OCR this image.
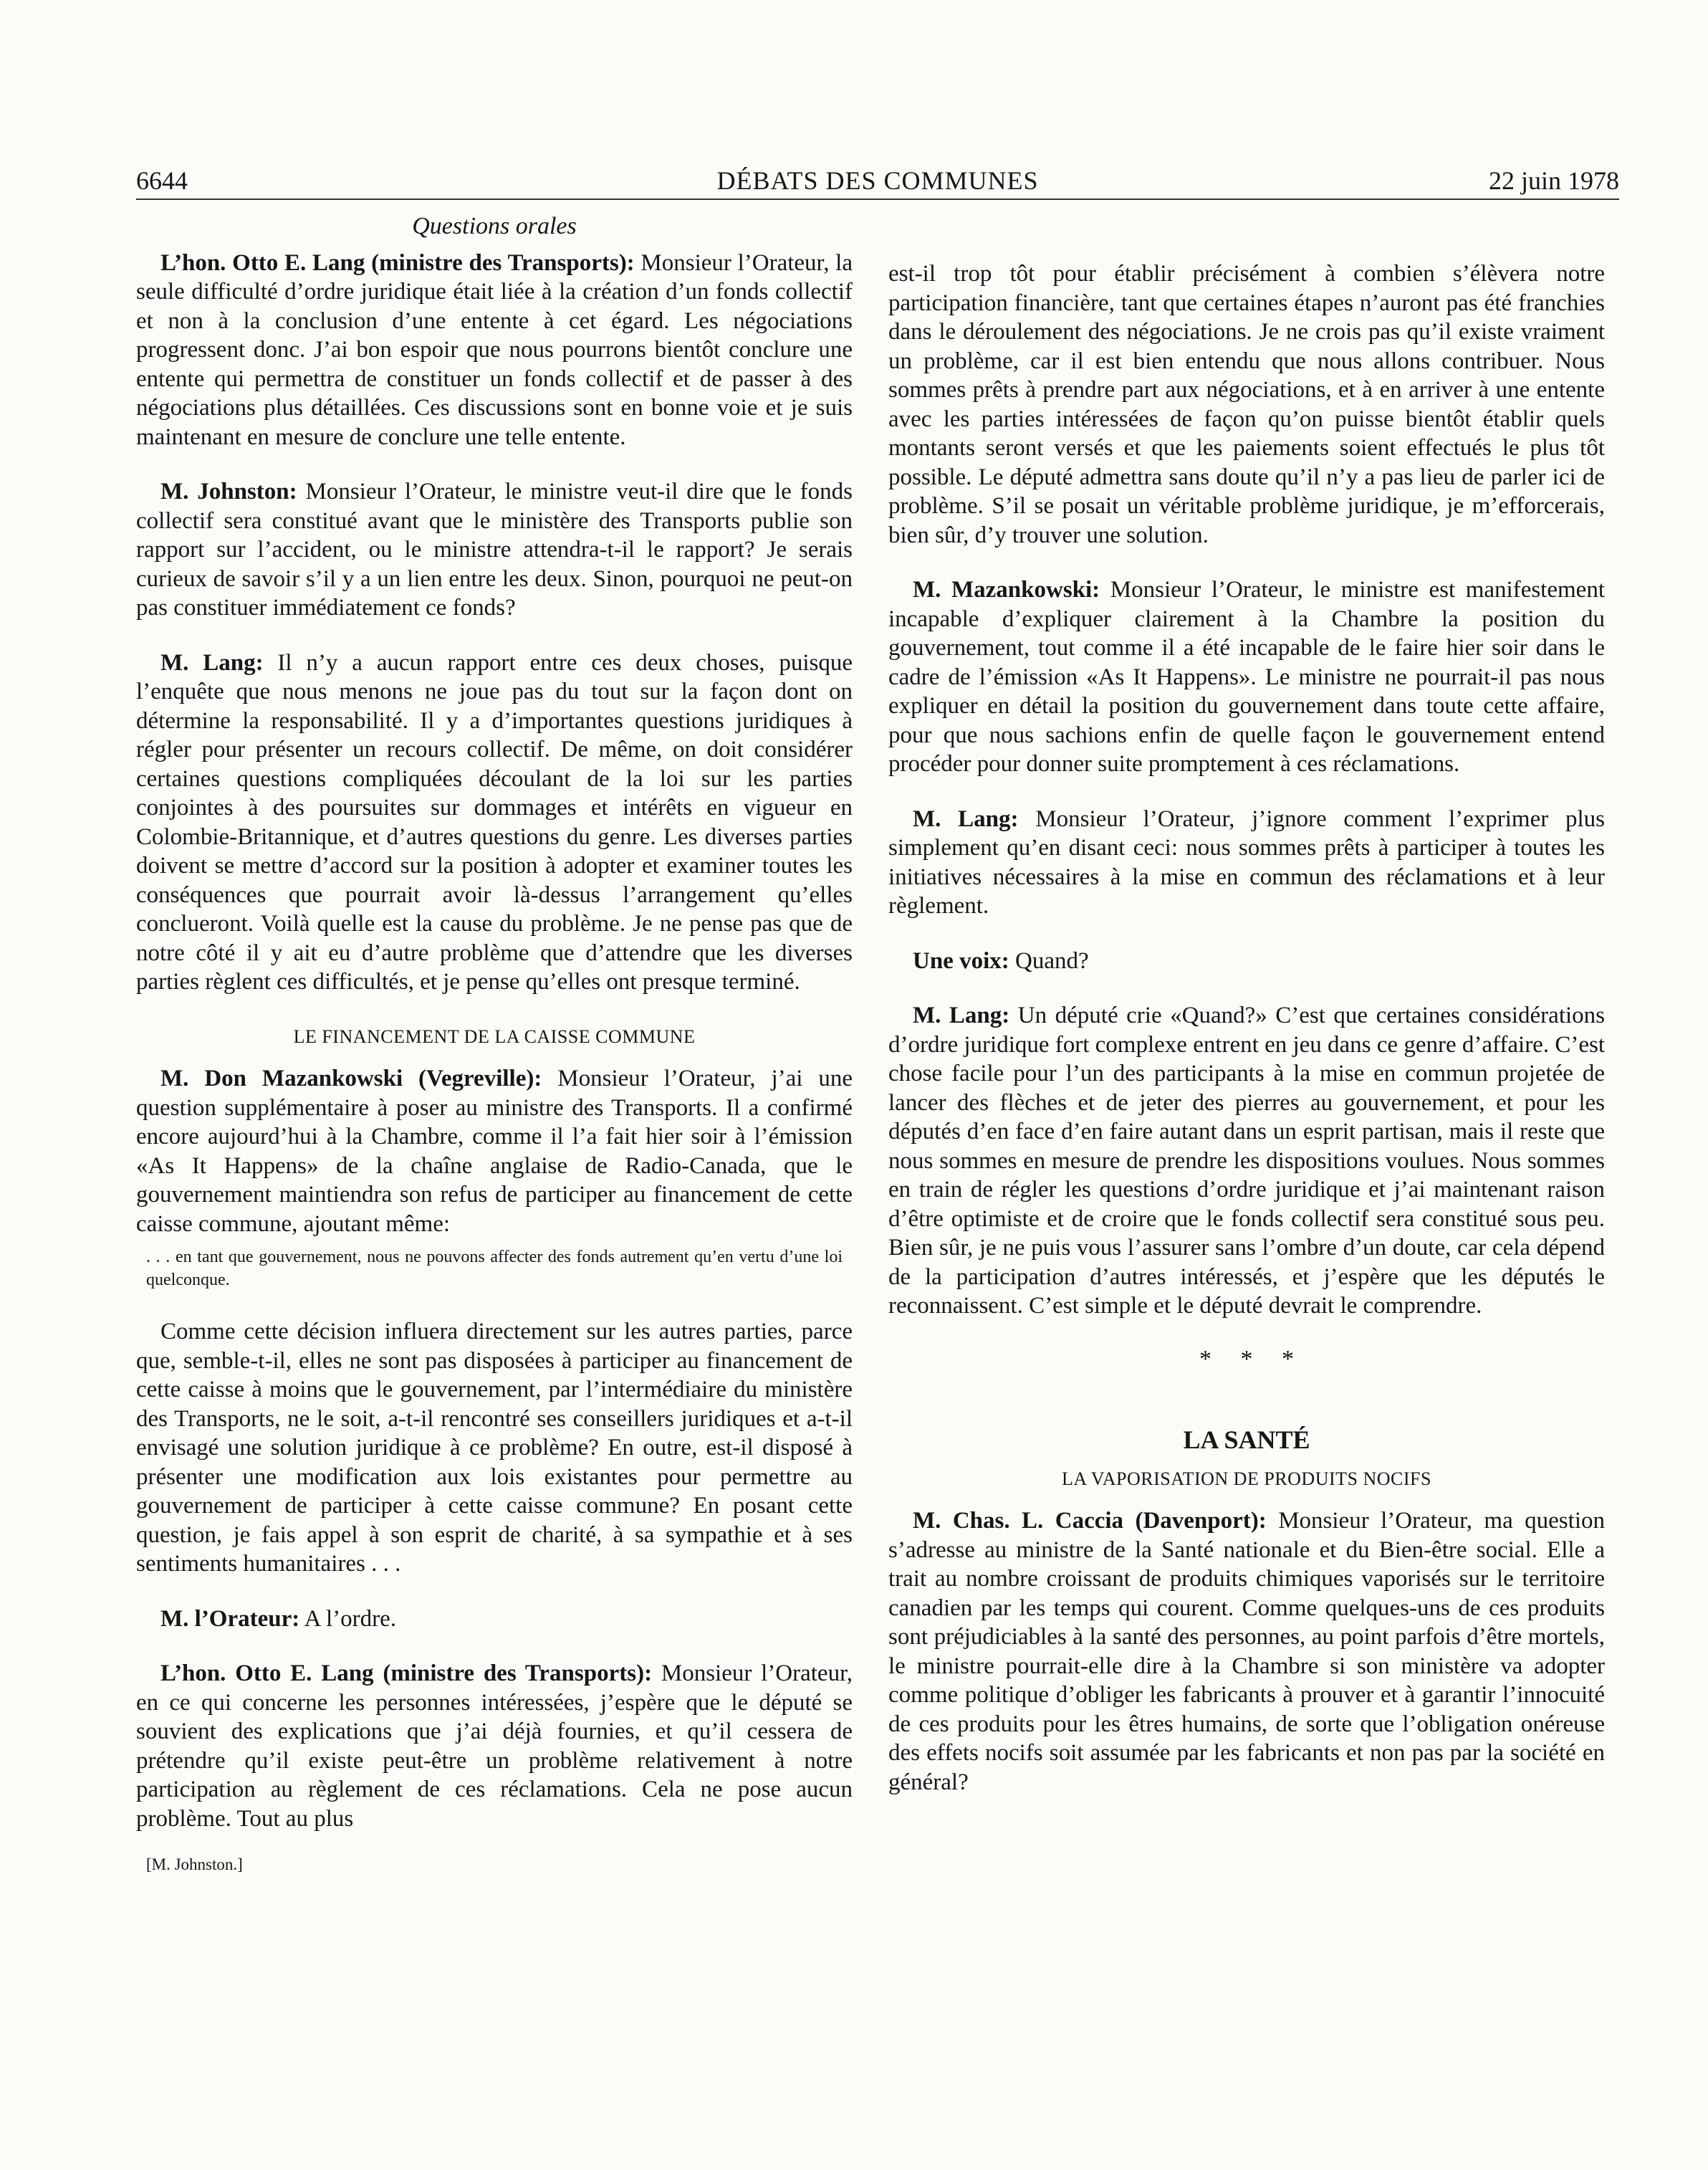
6644	DÉBATS DES COMMUNES	22 juin 1978
Questions orales

L’hon. Otto E. Lang (ministre des Transports): Monsieur l’Orateur, la seule difficulté d’ordre juridique était liée à la création d’un fonds collectif et non à la conclusion d’une entente à cet égard. Les négociations progressent donc. J’ai bon espoir que nous pourrons bientôt conclure une entente qui permettra de constituer un fonds collectif et de passer à des négociations plus détaillées. Ces discussions sont en bonne voie et je suis maintenant en mesure de conclure une telle entente.

M. Johnston: Monsieur l’Orateur, le ministre veut-il dire que le fonds collectif sera constitué avant que le ministère des Transports publie son rapport sur l’accident, ou le ministre attendra-t-il le rapport? Je serais curieux de savoir s’il y a un lien entre les deux. Sinon, pourquoi ne peut-on pas constituer immédiatement ce fonds?

M. Lang: Il n’y a aucun rapport entre ces deux choses, puisque l’enquête que nous menons ne joue pas du tout sur la façon dont on détermine la responsabilité. Il y a d’importantes questions juridiques à régler pour présenter un recours collectif. De même, on doit considérer certaines questions compliquées découlant de la loi sur les parties conjointes à des poursuites sur dommages et intérêts en vigueur en Colombie-Britannique, et d’autres questions du genre. Les diverses parties doivent se mettre d’accord sur la position à adopter et examiner toutes les conséquences que pourrait avoir là-dessus l’arrangement qu’elles conclueront. Voilà quelle est la cause du problème. Je ne pense pas que de notre côté il y ait eu d’autre problème que d’attendre que les diverses parties règlent ces difficultés, et je pense qu’elles ont presque terminé.

LE FINANCEMENT DE LA CAISSE COMMUNE

M. Don Mazankowski (Vegreville): Monsieur l’Orateur, j’ai une question supplémentaire à poser au ministre des Transports. Il a confirmé encore aujourd’hui à la Chambre, comme il l’a fait hier soir à l’émission «As It Happens» de la chaîne anglaise de Radio-Canada, que le gouvernement maintiendra son refus de participer au financement de cette caisse commune, ajoutant même:

. . . en tant que gouvernement, nous ne pouvons affecter des fonds autrement qu’en vertu d’une loi quelconque.

Comme cette décision influera directement sur les autres parties, parce que, semble-t-il, elles ne sont pas disposées à participer au financement de cette caisse à moins que le gouvernement, par l’intermédiaire du ministère des Transports, ne le soit, a-t-il rencontré ses conseillers juridiques et a-t-il envisagé une solution juridique à ce problème? En outre, est-il disposé à présenter une modification aux lois existantes pour permettre au gouvernement de participer à cette caisse commune? En posant cette question, je fais appel à son esprit de charité, à sa sympathie et à ses sentiments humanitaires . . .

M. l’Orateur: A l’ordre.

L’hon. Otto E. Lang (ministre des Transports): Monsieur l’Orateur, en ce qui concerne les personnes intéressées, j’espère que le député se souvient des explications que j’ai déjà fournies, et qu’il cessera de prétendre qu’il existe peut-être un problème relativement à notre participation au règlement de ces réclamations. Cela ne pose aucun problème. Tout au plus

[M. Johnston.]

est-il trop tôt pour établir précisément à combien s’élèvera notre participation financière, tant que certaines étapes n’auront pas été franchies dans le déroulement des négociations. Je ne crois pas qu’il existe vraiment un problème, car il est bien entendu que nous allons contribuer. Nous sommes prêts à prendre part aux négociations, et à en arriver à une entente avec les parties intéressées de façon qu’on puisse bientôt établir quels montants seront versés et que les paiements soient effectués le plus tôt possible. Le député admettra sans doute qu’il n’y a pas lieu de parler ici de problème. S’il se posait un véritable problème juridique, je m’efforcerais, bien sûr, d’y trouver une solution.

M. Mazankowski: Monsieur l’Orateur, le ministre est manifestement incapable d’expliquer clairement à la Chambre la position du gouvernement, tout comme il a été incapable de le faire hier soir dans le cadre de l’émission «As It Happens». Le ministre ne pourrait-il pas nous expliquer en détail la position du gouvernement dans toute cette affaire, pour que nous sachions enfin de quelle façon le gouvernement entend procéder pour donner suite promptement à ces réclamations.

M. Lang: Monsieur l’Orateur, j’ignore comment l’exprimer plus simplement qu’en disant ceci: nous sommes prêts à participer à toutes les initiatives nécessaires à la mise en commun des réclamations et à leur règlement.

Une voix: Quand?

M. Lang: Un député crie «Quand?» C’est que certaines considérations d’ordre juridique fort complexe entrent en jeu dans ce genre d’affaire. C’est chose facile pour l’un des participants à la mise en commun projetée de lancer des flèches et de jeter des pierres au gouvernement, et pour les députés d’en face d’en faire autant dans un esprit partisan, mais il reste que nous sommes en mesure de prendre les dispositions voulues. Nous sommes en train de régler les questions d’ordre juridique et j’ai maintenant raison d’être optimiste et de croire que le fonds collectif sera constitué sous peu. Bien sûr, je ne puis vous l’assurer sans l’ombre d’un doute, car cela dépend de la participation d’autres intéressés, et j’espère que les députés le reconnaissent. C’est simple et le député devrait le comprendre.

* * *
LA SANTÉ
LA VAPORISATION DE PRODUITS NOCIFS

M. Chas. L. Caccia (Davenport): Monsieur l’Orateur, ma question s’adresse au ministre de la Santé nationale et du Bien-être social. Elle a trait au nombre croissant de produits chimiques vaporisés sur le territoire canadien par les temps qui courent. Comme quelques-uns de ces produits sont préjudiciables à la santé des personnes, au point parfois d’être mortels, le ministre pourrait-elle dire à la Chambre si son ministère va adopter comme politique d’obliger les fabricants à prouver et à garantir l’innocuité de ces produits pour les êtres humains, de sorte que l’obligation onéreuse des effets nocifs soit assumée par les fabricants et non pas par la société en général?
